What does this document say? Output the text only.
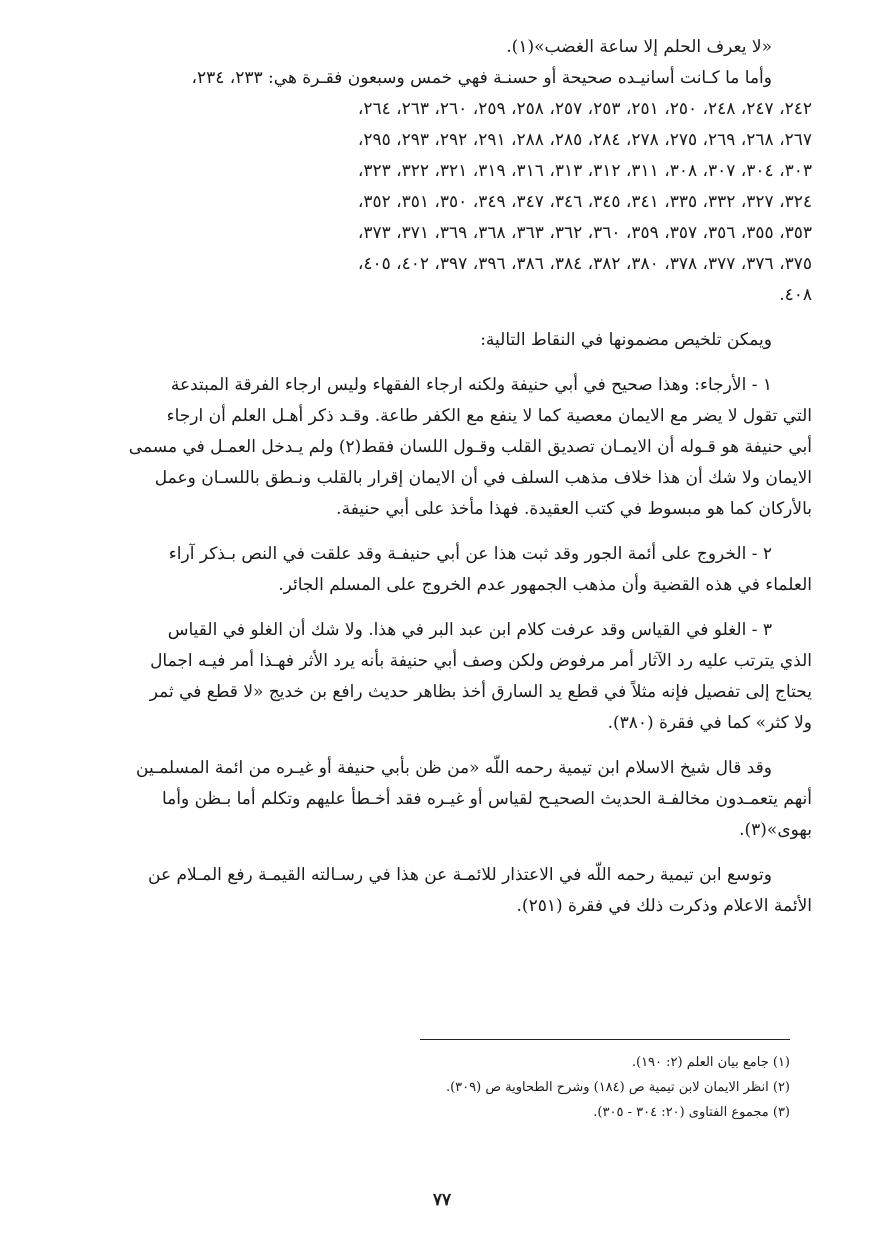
«لا يعرف الحلم إلا ساعة الغضب»(١).
وأما ما كـانت أسانيـده صحيحة أو حسنـة فهي خمس وسبعون فقـرة هي: ٢٣٣، ٢٣٤،
٢٤٢، ٢٤٧، ٢٤٨، ٢٥٠، ٢٥١، ٢٥٣، ٢٥٧، ٢٥٨، ٢٥٩، ٢٦٠، ٢٦٣، ٢٦٤،
٢٦٧، ٢٦٨، ٢٦٩، ٢٧٥، ٢٧٨، ٢٨٤، ٢٨٥، ٢٨٨، ٢٩١، ٢٩٢، ٢٩٣، ٢٩٥،
٣٠٣، ٣٠٤، ٣٠٧، ٣٠٨، ٣١١، ٣١٢، ٣١٣، ٣١٦، ٣١٩، ٣٢١، ٣٢٢، ٣٢٣،
٣٢٤، ٣٢٧، ٣٣٢، ٣٣٥، ٣٤١، ٣٤٥، ٣٤٦، ٣٤٧، ٣٤٩، ٣٥٠، ٣٥١، ٣٥٢،
٣٥٣، ٣٥٥، ٣٥٦، ٣٥٧، ٣٥٩، ٣٦٠، ٣٦٢، ٣٦٣، ٣٦٨، ٣٦٩، ٣٧١، ٣٧٣،
٣٧٥، ٣٧٦، ٣٧٧، ٣٧٨، ٣٨٠، ٣٨٢، ٣٨٤، ٣٨٦، ٣٩٦، ٣٩٧، ٤٠٢، ٤٠٥،
٤٠٨.
ويمكن تلخيص مضمونها في النقاط التالية:
١ - الأرجاء: وهذا صحيح في أبي حنيفة ولكنه ارجاء الفقهاء وليس ارجاء الفرقة المبتدعة
التي تقول لا يضر مع الايمان معصية كما لا ينفع مع الكفر طاعة. وقـد ذكر أهـل العلم أن ارجاء
أبي حنيفة هو قـوله أن الايمـان تصديق القلب وقـول اللسان فقط(٢) ولم يـدخل العمـل في مسمى
الايمان ولا شك أن هذا خلاف مذهب السلف في أن الايمان إقرار بالقلب ونـطق باللسـان وعمل
بالأركان كما هو مبسوط في كتب العقيدة. فهذا مأخذ على أبي حنيفة.
٢ - الخروج على أئمة الجور وقد ثبت هذا عن أبي حنيفـة وقد علقت في النص بـذكر آراء
العلماء في هذه القضية وأن مذهب الجمهور عدم الخروج على المسلم الجائر.
٣ - الغلو في القياس وقد عرفت كلام ابن عبد البر في هذا. ولا شك أن الغلو في القياس
الذي يترتب عليه رد الآثار أمر مرفوض ولكن وصف أبي حنيفة بأنه يرد الأثر فهـذا أمر فيـه اجمال
يحتاج إلى تفصيل فإنه مثلاً في قطع يد السارق أخذ بظاهر حديث رافع بن خديج «لا قطع في ثمر
ولا كثر» كما في فقرة (٣٨٠).
وقد قال شيخ الاسلام ابن تيمية رحمه اللّه «من ظن بأبي حنيفة أو غيـره من ائمة المسلمـين
أنهم يتعمـدون مخالفـة الحديث الصحيـح لقياس أو غيـره فقد أخـطأ عليهم وتكلم أما بـظن وأما
بهوى»(٣).
وتوسع ابن تيمية رحمه اللّه في الاعتذار للائمـة عن هذا في رسـالته القيمـة رفع المـلام عن
الأئمة الاعلام وذكرت ذلك في فقرة (٢٥١).
(١) جامع بيان العلم (٢: ١٩٠).
(٢) انظر الايمان لابن تيمية ص (١٨٤) وشرح الطحاوية ص (٣٠٩).
(٣) مجموع الفتاوى (٢٠: ٣٠٤ - ٣٠٥).
٧٧
